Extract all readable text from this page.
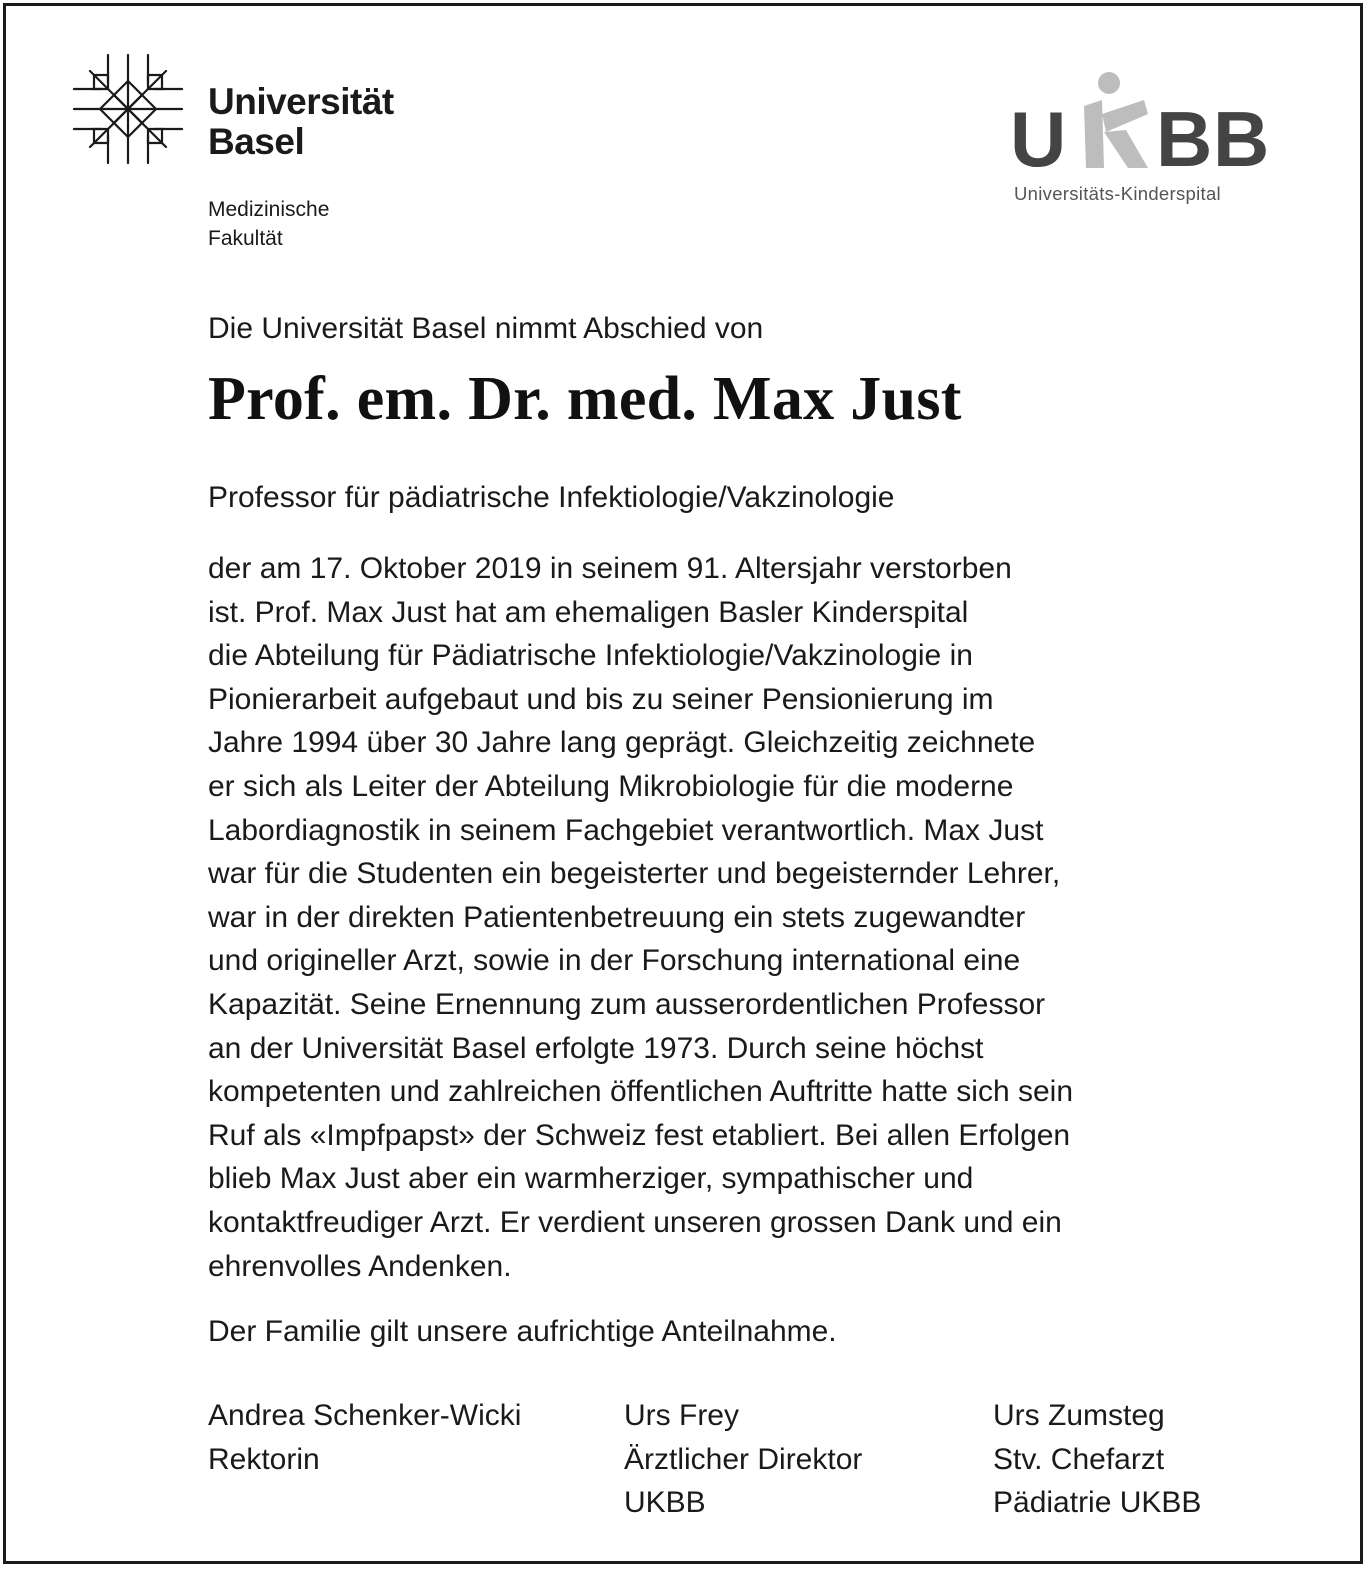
Universität
Basel
Medizinische
Fakultät
U B B
Universitäts-Kinderspital
Die Universität Basel nimmt Abschied von
Prof. em. Dr. med. Max Just
Professor für pädiatrische Infektiologie/Vakzinologie
der am 17. Oktober 2019 in seinem 91. Altersjahr verstorben
ist. Prof. Max Just hat am ehemaligen Basler Kinderspital
die Abteilung für Pädiatrische Infektiologie/Vakzinologie in
Pionierarbeit aufgebaut und bis zu seiner Pensionierung im
Jahre 1994 über 30 Jahre lang geprägt. Gleichzeitig zeichnete
er sich als Leiter der Abteilung Mikrobiologie für die moderne
Labordiagnostik in seinem Fachgebiet verantwortlich. Max Just
war für die Studenten ein begeisterter und begeisternder Lehrer,
war in der direkten Patientenbetreuung ein stets zugewandter
und origineller Arzt, sowie in der Forschung international eine
Kapazität. Seine Ernennung zum ausserordentlichen Professor
an der Universität Basel erfolgte 1973. Durch seine höchst
kompetenten und zahlreichen öffentlichen Auftritte hatte sich sein
Ruf als «Impfpapst» der Schweiz fest etabliert. Bei allen Erfolgen
blieb Max Just aber ein warmherziger, sympathischer und
kontaktfreudiger Arzt. Er verdient unseren grossen Dank und ein
ehrenvolles Andenken.
Der Familie gilt unsere aufrichtige Anteilnahme.
Andrea Schenker-Wicki
Rektorin
Urs Frey
Ärztlicher Direktor
UKBB
Urs Zumsteg
Stv. Chefarzt
Pädiatrie UKBB
